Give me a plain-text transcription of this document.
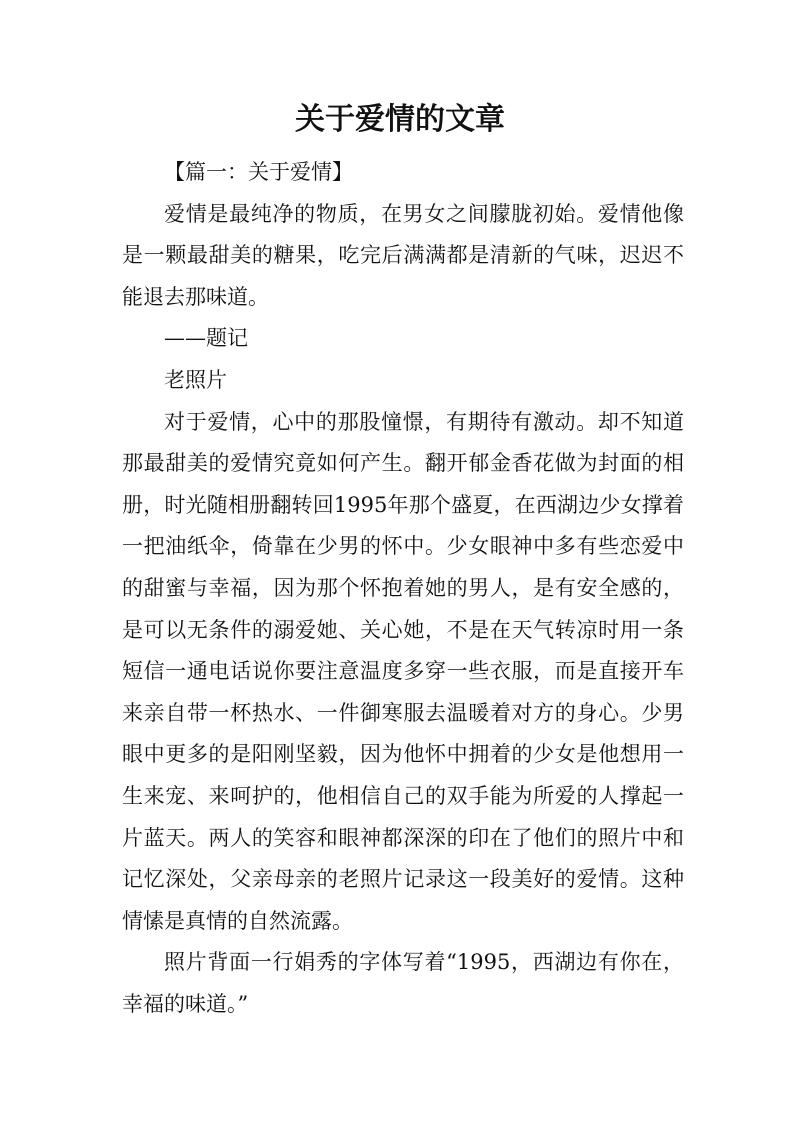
关于爱情的文章

【篇一：关于爱情】

爱情是最纯净的物质，在男女之间朦胧初始。爱情他像是一颗最甜美的糖果，吃完后满满都是清新的气味，迟迟不能退去那味道。

——题记

老照片

对于爱情，心中的那股憧憬，有期待有激动。却不知道那最甜美的爱情究竟如何产生。翻开郁金香花做为封面的相册，时光随相册翻转回1995年那个盛夏，在西湖边少女撑着一把油纸伞，倚靠在少男的怀中。少女眼神中多有些恋爱中的甜蜜与幸福，因为那个怀抱着她的男人，是有安全感的，是可以无条件的溺爱她、关心她，不是在天气转凉时用一条短信一通电话说你要注意温度多穿一些衣服，而是直接开车来亲自带一杯热水、一件御寒服去温暖着对方的身心。少男眼中更多的是阳刚坚毅，因为他怀中拥着的少女是他想用一生来宠、来呵护的，他相信自己的双手能为所爱的人撑起一片蓝天。两人的笑容和眼神都深深的印在了他们的照片中和记忆深处，父亲母亲的老照片记录这一段美好的爱情。这种情愫是真情的自然流露。

照片背面一行娟秀的字体写着“1995，西湖边有你在，幸福的味道。”
